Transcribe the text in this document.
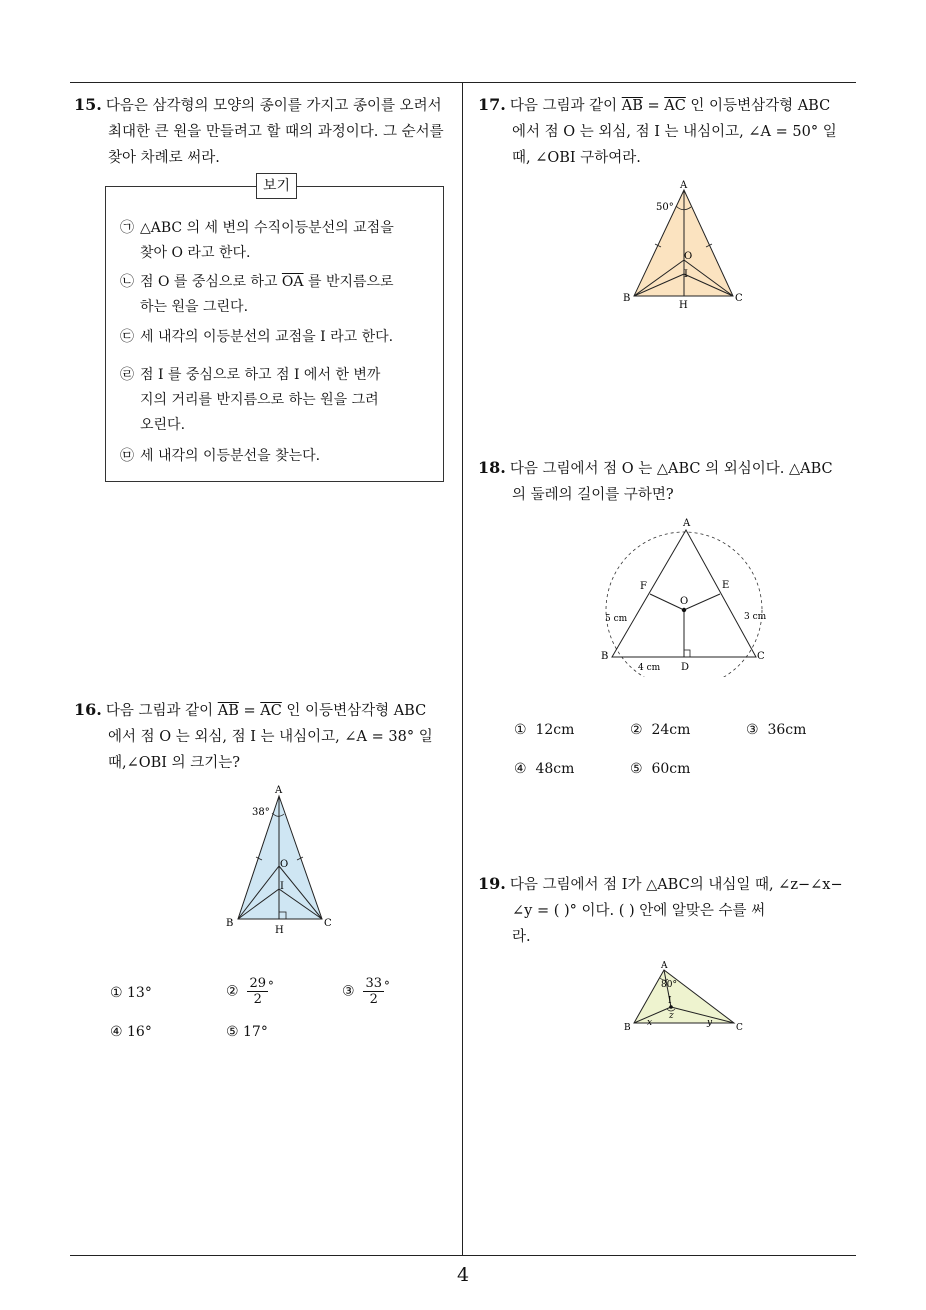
15. 다음은 삼각형의 모양의 종이를 가지고 종이를 오려서

최대한 큰 원을 만들려고 할 때의 과정이다. 그 순서를

찾아 차례로 써라.

보기
㉠ △ABC 의 세 변의 수직이등분선의 교점을
찾아 O 라고 한다.
㉡ 점 O 를 중심으로 하고 $\overline{OA}$ 를 반지름으로
하는 원을 그린다.
㉢ 세 내각의 이등분선의 교점을 I 라고 한다.
㉣ 점 I 를 중심으로 하고 점 I 에서 한 변까
지의 거리를 반지름으로 하는 원을 그려
오린다.
㉤ 세 내각의 이등분선을 찾는다.

16. 다음 그림과 같이 $\overline{AB} = \overline{AC}$ 인 이등변삼각형 ABC

에서 점 O 는 외심, 점 I 는 내심이고, ∠A = 38° 일

때,∠OBI 의 크기는?

38°
A
B	C
O
I
H
① 13°	② $\frac{29}{2} ^\circ$	③ $\frac{33}{2} ^\circ$
④ 16°	⑤ 17°

17. 다음 그림과 같이 $\overline{AB} = \overline{AC}$ 인 이등변삼각형 ABC

에서 점 O 는 외심, 점 I 는 내심이고, ∠A = 50° 일

때, ∠OBI 구하여라.

50°
A
B	C
O
I
H

18. 다음 그림에서 점 O 는 △ABC 의 외심이다. △ABC

의 둘레의 길이를 구하면?

A
B	C
D
E
F
O
5 cm	3 cm
4 cm
① 12cm	② 24cm	③ 36cm
④ 48cm	⑤ 60cm

19. 다음 그림에서 점 I가 △ABC의 내심일 때, ∠z−∠x−

∠y = ( )° 이다. ( ) 안에 알맞은 수를 써

라.

80°
A
B	C
I
x	y
z
4
